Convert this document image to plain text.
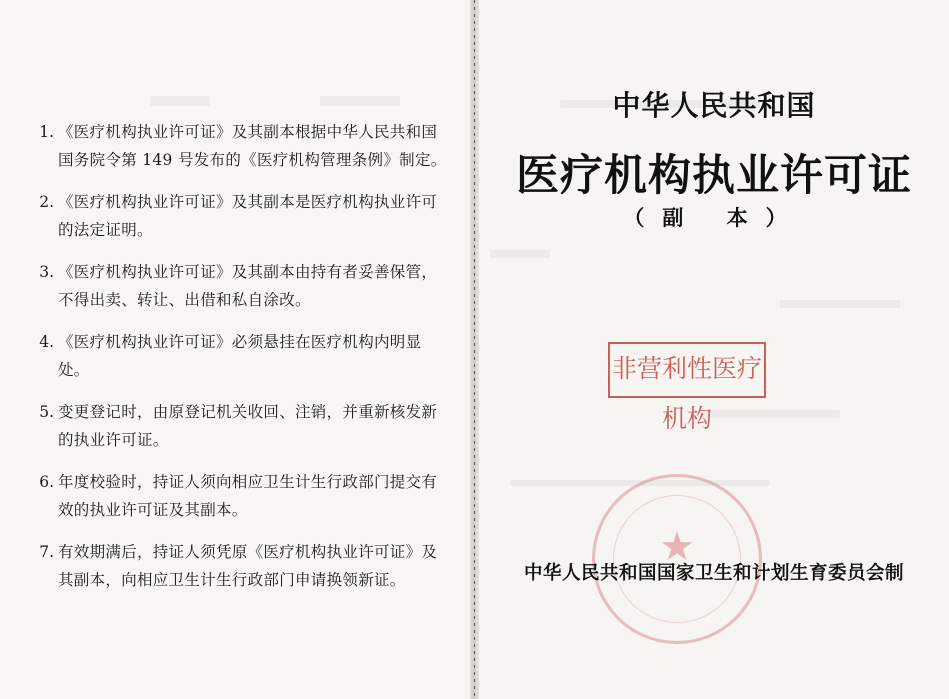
1. 《医疗机构执业许可证》及其副本根据中华人民共和国国务院令第 149 号发布的《医疗机构管理条例》制定。
2. 《医疗机构执业许可证》及其副本是医疗机构执业许可的法定证明。
3. 《医疗机构执业许可证》及其副本由持有者妥善保管，不得出卖、转让、出借和私自涂改。
4. 《医疗机构执业许可证》必须悬挂在医疗机构内明显处。
5. 变更登记时，由原登记机关收回、注销，并重新核发新的执业许可证。
6. 年度校验时，持证人须向相应卫生计生行政部门提交有效的执业许可证及其副本。
7. 有效期满后，持证人须凭原《医疗机构执业许可证》及其副本，向相应卫生计生行政部门申请换领新证。
中华人民共和国
医疗机构执业许可证
（副 本）
★
非营利性医疗机构
中华人民共和国国家卫生和计划生育委员会制
